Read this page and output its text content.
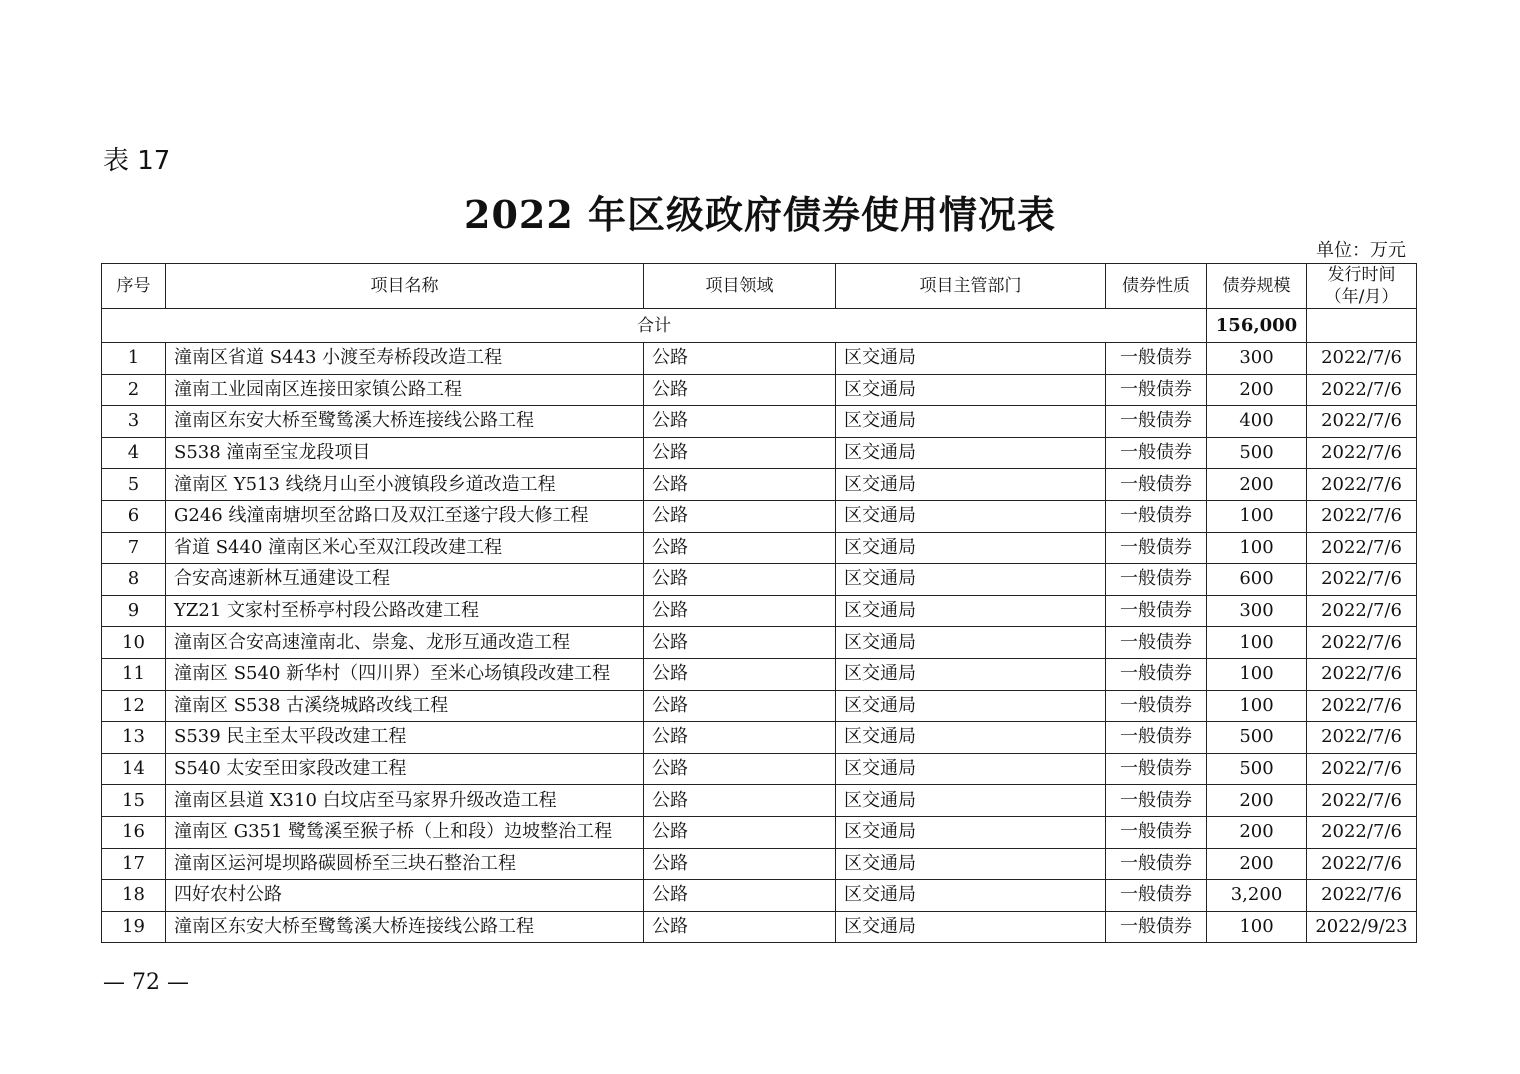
表 17
2022 年区级政府债券使用情况表
单位：万元
序号	项目名称	项目领域	项目主管部门	债券性质	债券规模	发行时间
（年/月）

合计					156,000	
1	潼南区省道 S443 小渡至寿桥段改造工程	公路	区交通局	一般债券	300	2022/7/6
2	潼南工业园南区连接田家镇公路工程	公路	区交通局	一般债券	200	2022/7/6
3	潼南区东安大桥至鹭鸶溪大桥连接线公路工程	公路	区交通局	一般债券	400	2022/7/6
4	S538 潼南至宝龙段项目	公路	区交通局	一般债券	500	2022/7/6
5	潼南区 Y513 线绕月山至小渡镇段乡道改造工程	公路	区交通局	一般债券	200	2022/7/6
6	G246 线潼南塘坝至岔路口及双江至遂宁段大修工程	公路	区交通局	一般债券	100	2022/7/6
7	省道 S440 潼南区米心至双江段改建工程	公路	区交通局	一般债券	100	2022/7/6
8	合安高速新林互通建设工程	公路	区交通局	一般债券	600	2022/7/6
9	YZ21 文家村至桥亭村段公路改建工程	公路	区交通局	一般债券	300	2022/7/6
10	潼南区合安高速潼南北、崇龛、龙形互通改造工程	公路	区交通局	一般债券	100	2022/7/6
11	潼南区 S540 新华村（四川界）至米心场镇段改建工程	公路	区交通局	一般债券	100	2022/7/6
12	潼南区 S538 古溪绕城路改线工程	公路	区交通局	一般债券	100	2022/7/6
13	S539 民主至太平段改建工程	公路	区交通局	一般债券	500	2022/7/6
14	S540 太安至田家段改建工程	公路	区交通局	一般债券	500	2022/7/6
15	潼南区县道 X310 白坟店至马家界升级改造工程	公路	区交通局	一般债券	200	2022/7/6
16	潼南区 G351 鹭鸶溪至猴子桥（上和段）边坡整治工程	公路	区交通局	一般债券	200	2022/7/6
17	潼南区运河堤坝路碳圆桥至三块石整治工程	公路	区交通局	一般债券	200	2022/7/6
18	四好农村公路	公路	区交通局	一般债券	3,200	2022/7/6
19	潼南区东安大桥至鹭鸶溪大桥连接线公路工程	公路	区交通局	一般债券	100	2022/9/23
— 72 —
